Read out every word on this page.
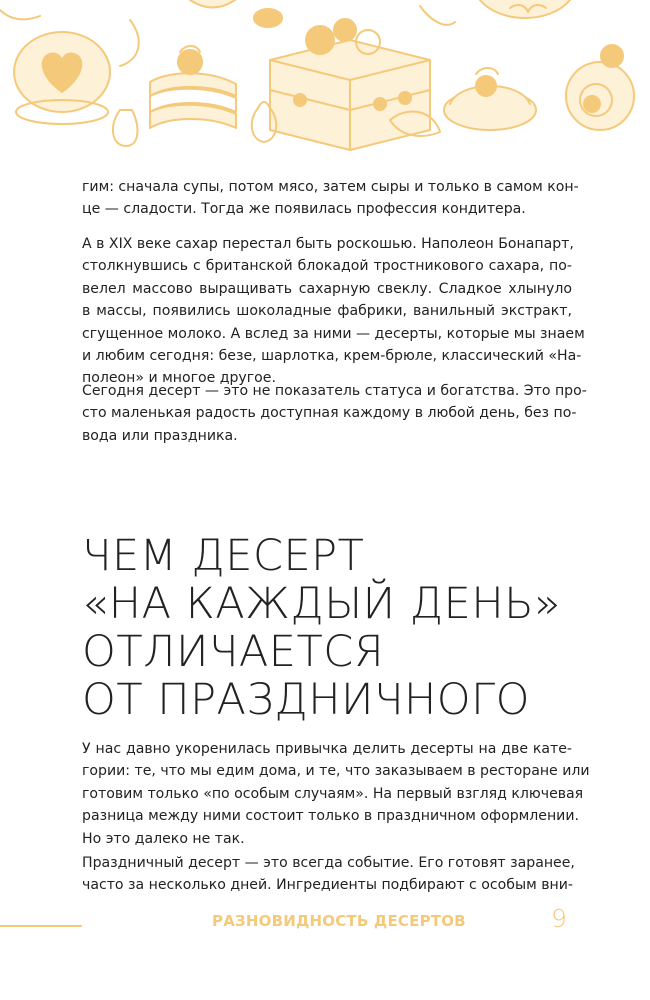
гим: сначала супы, потом мясо, затем сыры и только в самом кон-
це — сладости. Тогда же появилась профессия кондитера.
А в XIX веке сахар перестал быть роскошью. Наполеон Бонапарт,
столкнувшись с британской блокадой тростникового сахара, по-
велел массово выращивать сахарную свеклу. Сладкое хлынуло
в массы, появились шоколадные фабрики, ванильный экстракт,
сгущенное молоко. А вслед за ними — десерты, которые мы знаем
и любим сегодня: безе, шарлотка, крем-брюле, классический «На-
полеон» и многое другое.
Сегодня десерт — это не показатель статуса и богатства. Это про-
сто маленькая радость доступная каждому в любой день, без по-
вода или праздника.
ЧЕМ ДЕСЕРТ
«НА КАЖДЫЙ ДЕНЬ»
ОТЛИЧАЕТСЯ
ОТ ПРАЗДНИЧНОГО
У нас давно укоренилась привычка делить десерты на две кате-
гории: те, что мы едим дома, и те, что заказываем в ресторане или
готовим только «по особым случаям». На первый взгляд ключевая
разница между ними состоит только в праздничном оформлении.
Но это далеко не так.
Праздничный десерт — это всегда событие. Его готовят заранее,
часто за несколько дней. Ингредиенты подбирают с особым вни-
РАЗНОВИДНОСТЬ ДЕСЕРТОВ	9
